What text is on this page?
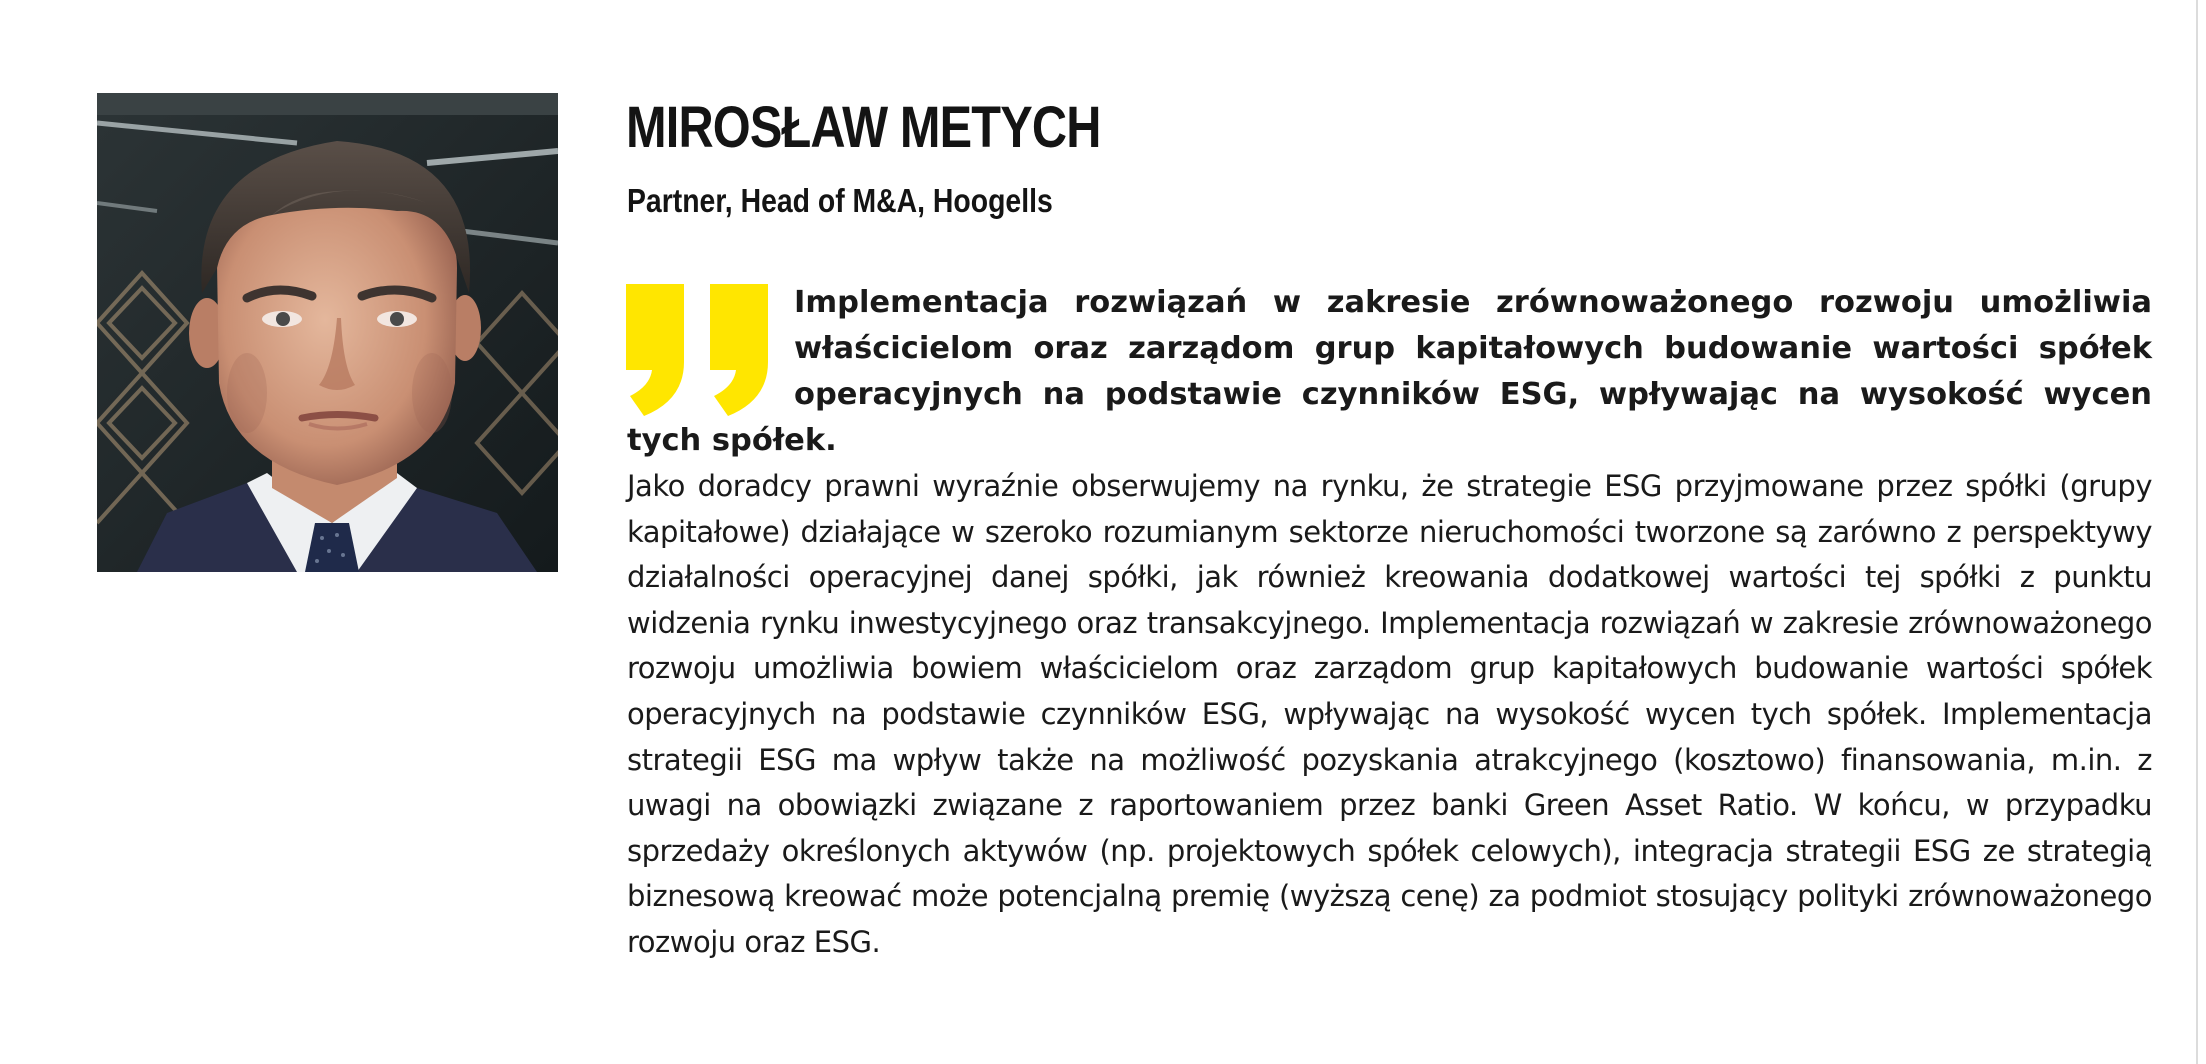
MIROSŁAW METYCH

Partner, Head of M&A, Hoogells

Implementacja rozwiązań w zakresie zrównoważonego rozwoju umożliwia właścicielom oraz zarządom grup kapitałowych budowanie wartości spółek operacyjnych na podstawie czynników ESG, wpływając na wysokość wycen tych spółek.

Jako doradcy prawni wyraźnie obserwujemy na rynku, że strategie ESG przyjmowane przez spółki (grupy kapitałowe) działające w szeroko rozumianym sektorze nieruchomości tworzone są zarówno z perspektywy działalności operacyjnej danej spółki, jak również kreowania dodatkowej wartości tej spółki z punktu widzenia rynku inwestycyjnego oraz transakcyjnego. Implementacja rozwiązań w zakresie zrównoważonego rozwoju umożliwia bowiem właścicielom oraz zarządom grup kapitałowych budowanie wartości spółek operacyjnych na podstawie czynników ESG, wpływając na wysokość wycen tych spółek. Implementacja strategii ESG ma wpływ także na możliwość pozyskania atrakcyjnego (kosztowo) finansowania, m.in. z uwagi na obowiązki związane z raportowaniem przez banki Green Asset Ratio. W końcu, w przypadku sprzedaży określonych aktywów (np. projektowych spółek celowych), integracja strategii ESG ze strategią biznesową kreować może potencjalną premię (wyższą cenę) za podmiot stosujący polityki zrównoważonego rozwoju oraz ESG.
